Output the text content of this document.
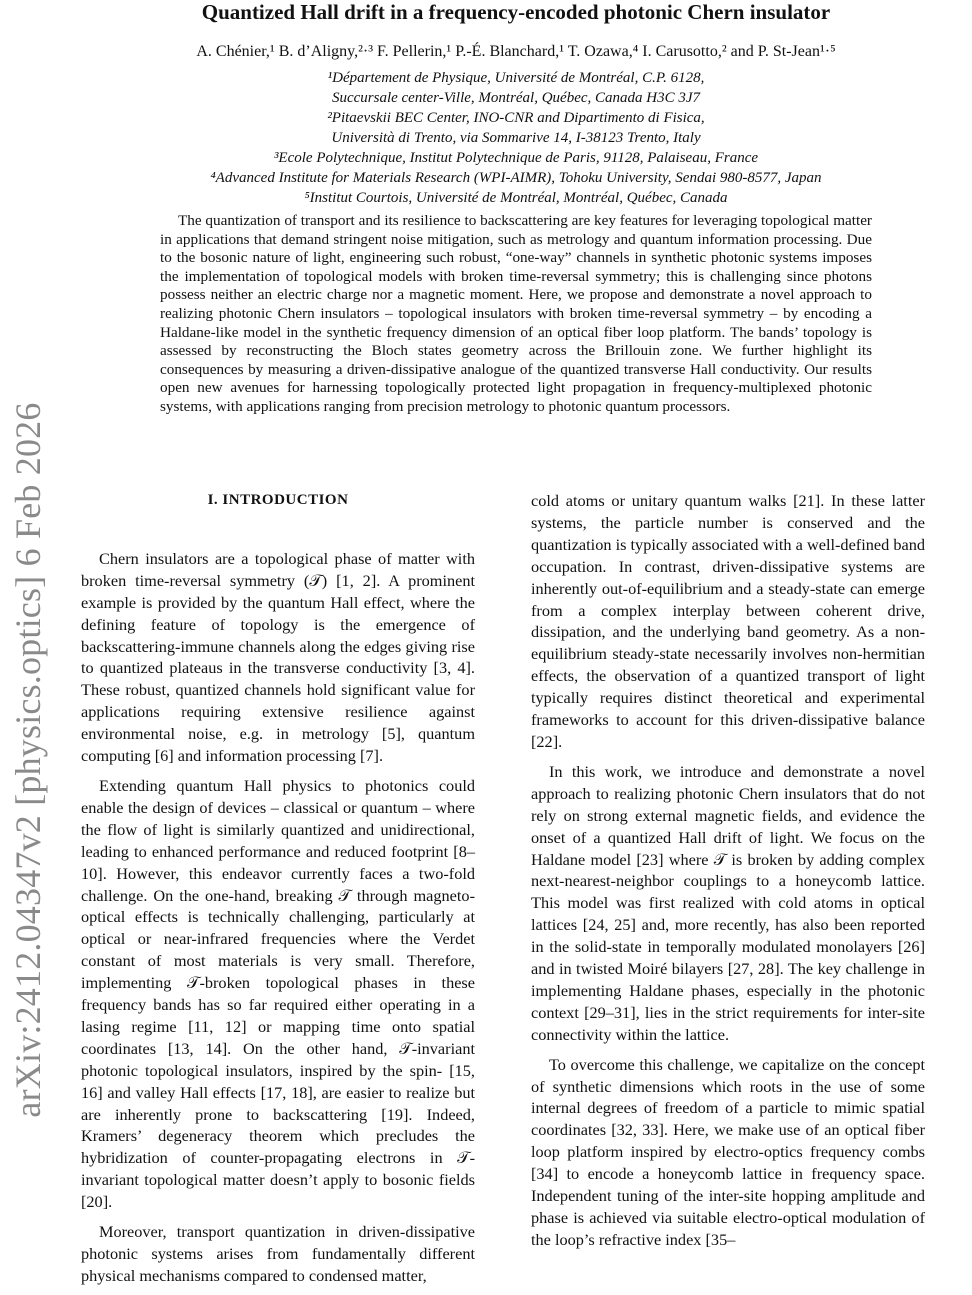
arXiv:2412.04347v2 [physics.optics] 6 Feb 2026
Quantized Hall drift in a frequency-encoded photonic Chern insulator
A. Chénier,¹ B. d’Aligny,²·³ F. Pellerin,¹ P.-É. Blanchard,¹ T. Ozawa,⁴ I. Carusotto,² and P. St-Jean¹·⁵
¹Département de Physique, Université de Montréal, C.P. 6128,
Succursale center-Ville, Montréal, Québec, Canada H3C 3J7
²Pitaevskii BEC Center, INO-CNR and Dipartimento di Fisica,
Università di Trento, via Sommarive 14, I-38123 Trento, Italy
³Ecole Polytechnique, Institut Polytechnique de Paris, 91128, Palaiseau, France
⁴Advanced Institute for Materials Research (WPI-AIMR), Tohoku University, Sendai 980-8577, Japan
⁵Institut Courtois, Université de Montréal, Montréal, Québec, Canada
The quantization of transport and its resilience to backscattering are key features for leveraging topological matter in applications that demand stringent noise mitigation, such as metrology and quantum information processing. Due to the bosonic nature of light, engineering such robust, “one-way” channels in synthetic photonic systems imposes the implementation of topological models with broken time-reversal symmetry; this is challenging since photons possess neither an electric charge nor a magnetic moment. Here, we propose and demonstrate a novel approach to realizing photonic Chern insulators – topological insulators with broken time-reversal symmetry – by encoding a Haldane-like model in the synthetic frequency dimension of an optical fiber loop platform. The bands’ topology is assessed by reconstructing the Bloch states geometry across the Brillouin zone. We further highlight its consequences by measuring a driven-dissipative analogue of the quantized transverse Hall conductivity. Our results open new avenues for harnessing topologically protected light propagation in frequency-multiplexed photonic systems, with applications ranging from precision metrology to photonic quantum processors.
I. INTRODUCTION

Chern insulators are a topological phase of matter with broken time-reversal symmetry (𝒯) [1, 2]. A prominent example is provided by the quantum Hall effect, where the defining feature of topology is the emergence of backscattering-immune channels along the edges giving rise to quantized plateaus in the transverse conductivity [3, 4]. These robust, quantized channels hold significant value for applications requiring extensive resilience against environmental noise, e.g. in metrology [5], quantum computing [6] and information processing [7].

Extending quantum Hall physics to photonics could enable the design of devices – classical or quantum – where the flow of light is similarly quantized and unidirectional, leading to enhanced performance and reduced footprint [8–10]. However, this endeavor currently faces a two-fold challenge. On the one-hand, breaking 𝒯 through magneto-optical effects is technically challenging, particularly at optical or near-infrared frequencies where the Verdet constant of most materials is very small. Therefore, implementing 𝒯-broken topological phases in these frequency bands has so far required either operating in a lasing regime [11, 12] or mapping time onto spatial coordinates [13, 14]. On the other hand, 𝒯-invariant photonic topological insulators, inspired by the spin- [15, 16] and valley Hall effects [17, 18], are easier to realize but are inherently prone to backscattering [19]. Indeed, Kramers’ degeneracy theorem which precludes the hybridization of counter-propagating electrons in 𝒯-invariant topological matter doesn’t apply to bosonic fields [20].

Moreover, transport quantization in driven-dissipative photonic systems arises from fundamentally different physical mechanisms compared to condensed matter,

cold atoms or unitary quantum walks [21]. In these latter systems, the particle number is conserved and the quantization is typically associated with a well-defined band occupation. In contrast, driven-dissipative systems are inherently out-of-equilibrium and a steady-state can emerge from a complex interplay between coherent drive, dissipation, and the underlying band geometry. As a non-equilibrium steady-state necessarily involves non-hermitian effects, the observation of a quantized transport of light typically requires distinct theoretical and experimental frameworks to account for this driven-dissipative balance [22].

In this work, we introduce and demonstrate a novel approach to realizing photonic Chern insulators that do not rely on strong external magnetic fields, and evidence the onset of a quantized Hall drift of light. We focus on the Haldane model [23] where 𝒯 is broken by adding complex next-nearest-neighbor couplings to a honeycomb lattice. This model was first realized with cold atoms in optical lattices [24, 25] and, more recently, has also been reported in the solid-state in temporally modulated monolayers [26] and in twisted Moiré bilayers [27, 28]. The key challenge in implementing Haldane phases, especially in the photonic context [29–31], lies in the strict requirements for inter-site connectivity within the lattice.

To overcome this challenge, we capitalize on the concept of synthetic dimensions which roots in the use of some internal degrees of freedom of a particle to mimic spatial coordinates [32, 33]. Here, we make use of an optical fiber loop platform inspired by electro-optics frequency combs [34] to encode a honeycomb lattice in frequency space. Independent tuning of the inter-site hopping amplitude and phase is achieved via suitable electro-optical modulation of the loop’s refractive index [35–
